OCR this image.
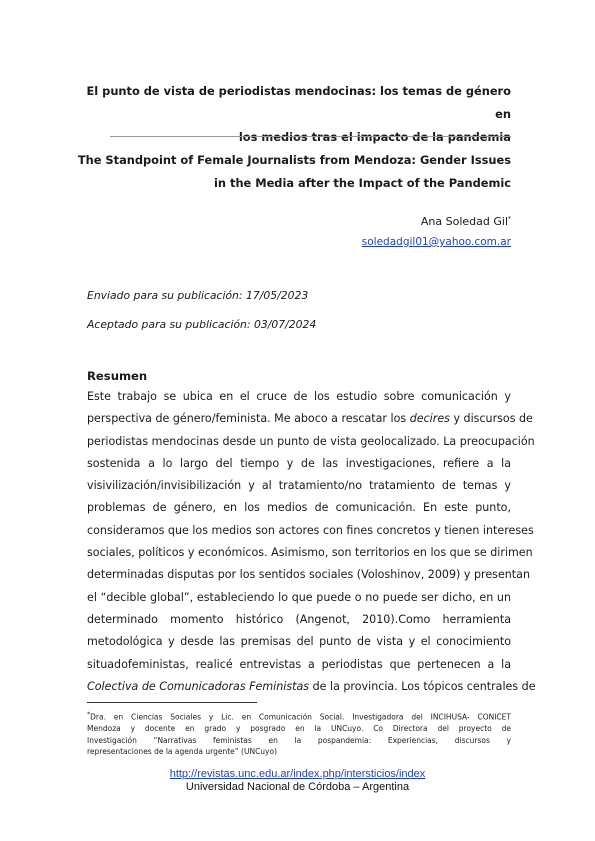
El punto de vista de periodistas mendocinas: los temas de género en
los medios tras el impacto de la pandemia
The Standpoint of Female Journalists from Mendoza: Gender Issues
in the Media after the Impact of the Pandemic
Ana Soledad Gil*
soledadgil01@yahoo.com.ar
Enviado para su publicación: 17/05/2023
Aceptado para su publicación: 03/07/2024
Resumen
Este trabajo se ubica en el cruce de los estudio sobre comunicación y
perspectiva de género/feminista. Me aboco a rescatar los decires y discursos de
periodistas mendocinas desde un punto de vista geolocalizado. La preocupación
sostenida a lo largo del tiempo y de las investigaciones, refiere a la
visivilización/invisibilización y al tratamiento/no tratamiento de temas y
problemas de género, en los medios de comunicación. En este punto,
consideramos que los medios son actores con fines concretos y tienen intereses
sociales, políticos y económicos. Asimismo, son territorios en los que se dirimen
determinadas disputas por los sentidos sociales (Voloshinov, 2009) y presentan
el “decible global”, estableciendo lo que puede o no puede ser dicho, en un
determinado momento histórico (Angenot, 2010).Como herramienta
metodológica y desde las premisas del punto de vista y el conocimiento
situadofeministas, realicé entrevistas a periodistas que pertenecen a la
Colectiva de Comunicadoras Feministas de la provincia. Los tópicos centrales de
*Dra. en Ciencias Sociales y Lic. en Comunicación Social. Investigadora del INCIHUSA- CONICET
Mendoza y docente en grado y posgrado en la UNCuyo. Co Directora del proyecto de
Investigación “Narrativas feministas en la pospandemia: Experiencias, discursos y
representaciones de la agenda urgente” (UNCuyo)
http://revistas.unc.edu.ar/index.php/intersticios/index
Universidad Nacional de Córdoba – Argentina
